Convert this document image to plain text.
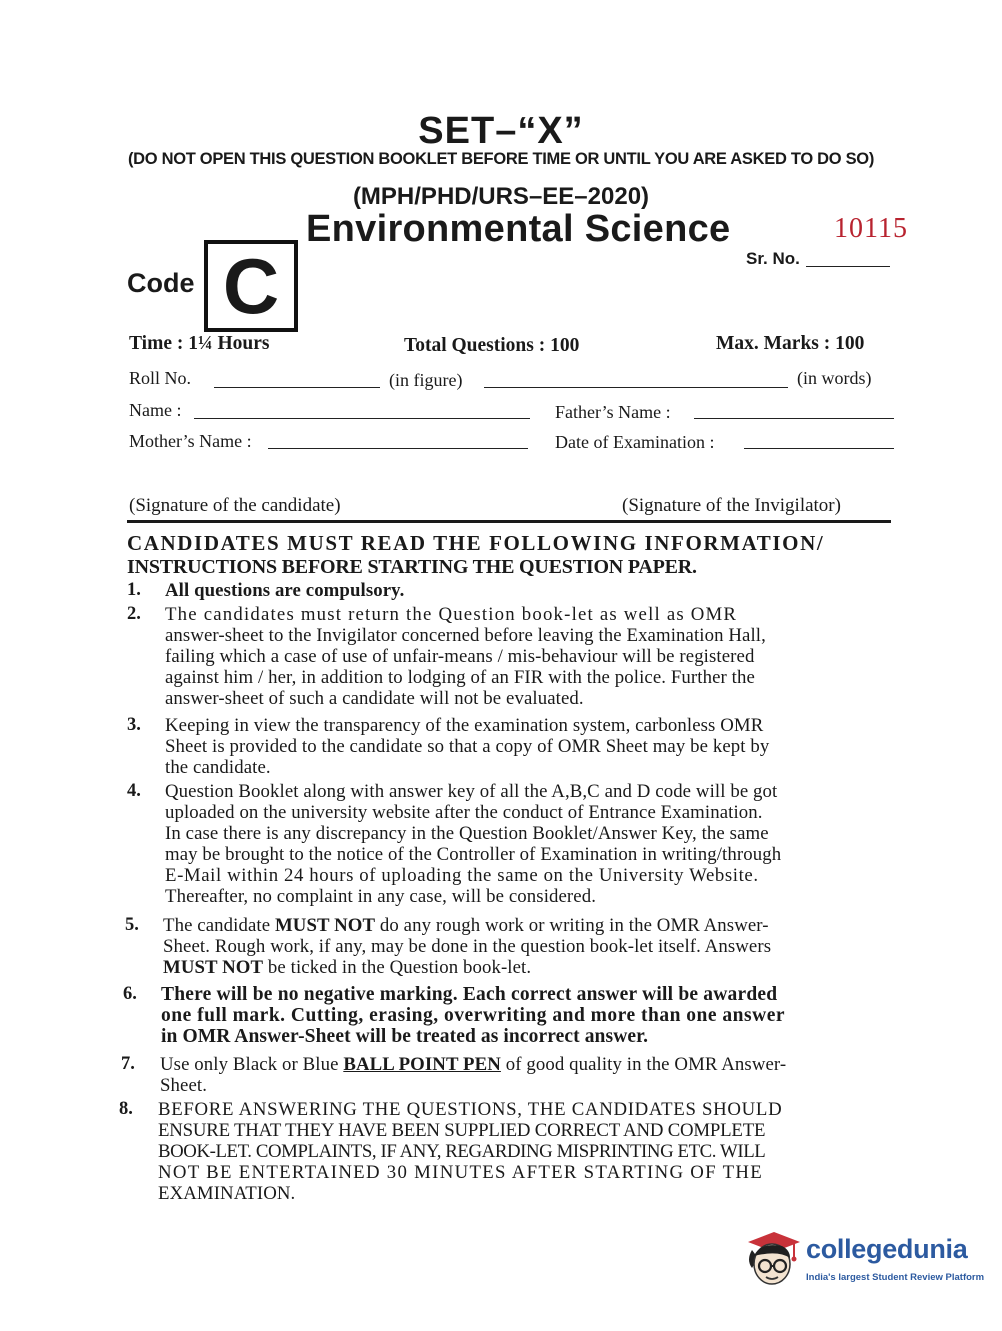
SET–“X”
(DO NOT OPEN THIS QUESTION BOOKLET BEFORE TIME OR UNTIL YOU ARE ASKED TO DO SO)
(MPH/PHD/URS–EE–2020)
Environmental Science	10115
Sr. No.
Code C
Time : 1¼ Hours	Total Questions : 100	Max. Marks : 100
Roll No.	(in figure)	(in words)
Name :	Father’s Name :
Mother’s Name :	Date of Examination :
(Signature of the candidate)	(Signature of the Invigilator)
CANDIDATES MUST READ THE FOLLOWING INFORMATION/
INSTRUCTIONS BEFORE STARTING THE QUESTION PAPER.
1. All questions are compulsory.
2. The candidates must return the Question book-let as well as OMR
answer-sheet to the Invigilator concerned before leaving the Examination Hall,
failing which a case of use of unfair-means / mis-behaviour will be registered
against him / her, in addition to lodging of an FIR with the police. Further the
answer-sheet of such a candidate will not be evaluated.
3. Keeping in view the transparency of the examination system, carbonless OMR
Sheet is provided to the candidate so that a copy of OMR Sheet may be kept by
the candidate.
4. Question Booklet along with answer key of all the A,B,C and D code will be got
uploaded on the university website after the conduct of Entrance Examination.
In case there is any discrepancy in the Question Booklet/Answer Key, the same
may be brought to the notice of the Controller of Examination in writing/through
E-Mail within 24 hours of uploading the same on the University Website.
Thereafter, no complaint in any case, will be considered.
5. The candidate MUST NOT do any rough work or writing in the OMR Answer-
Sheet. Rough work, if any, may be done in the question book-let itself. Answers
MUST NOT be ticked in the Question book-let.
6. There will be no negative marking. Each correct answer will be awarded
one full mark. Cutting, erasing, overwriting and more than one answer
in OMR Answer-Sheet will be treated as incorrect answer.
7. Use only Black or Blue BALL POINT PEN of good quality in the OMR Answer-
Sheet.
8. BEFORE ANSWERING THE QUESTIONS, THE CANDIDATES SHOULD
ENSURE THAT THEY HAVE BEEN SUPPLIED CORRECT AND COMPLETE
BOOK-LET. COMPLAINTS, IF ANY, REGARDING MISPRINTING ETC. WILL
NOT BE ENTERTAINED 30 MINUTES AFTER STARTING OF THE
EXAMINATION.
collegedunia
India's largest Student Review Platform
